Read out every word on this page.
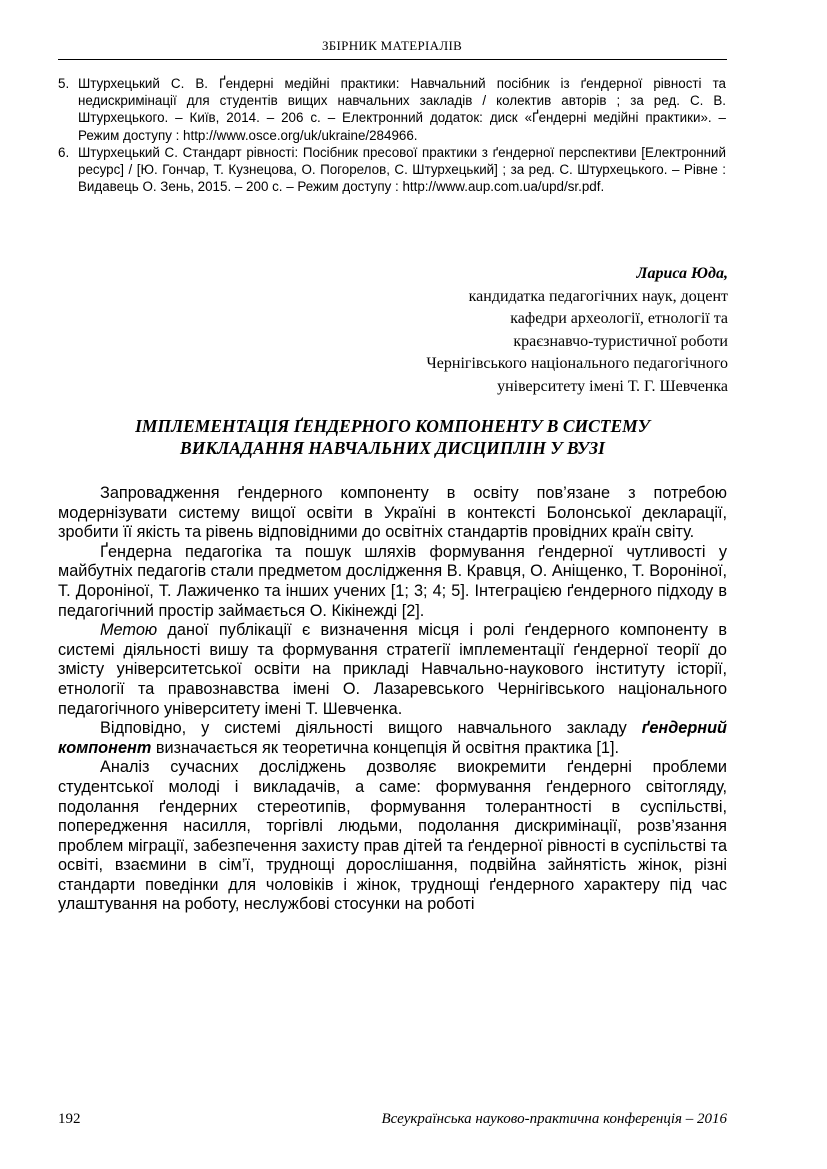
ЗБІРНИК МАТЕРІАЛІВ
5. Штурхецький С. В. Ґендерні медійні практики: Навчальний посібник із ґендерної рівності та недискримінації для студентів вищих навчальних закладів / колектив авторів ; за ред. С. В. Штурхецького. – Київ, 2014. – 206 с. – Електронний додаток: диск «Ґендерні медійні практики». – Режим доступу : http://www.osce.org/uk/ukraine/284966.
6. Штурхецький С. Стандарт рівності: Посібник пресової практики з ґендерної перспективи [Електронний ресурс] / [Ю. Гончар, Т. Кузнецова, О. Погорелов, С. Штурхецький] ; за ред. С. Штурхецького. – Рівне : Видавець О. Зень, 2015. – 200 с. – Режим доступу : http://www.aup.com.ua/upd/sr.pdf.
Лариса Юда,
кандидатка педагогічних наук, доцент
кафедри археології, етнології та
краєзнавчо-туристичної роботи
Чернігівського національного педагогічного
університету імені Т. Г. Шевченка
ІМПЛЕМЕНТАЦІЯ ҐЕНДЕРНОГО КОМПОНЕНТУ В СИСТЕМУ
ВИКЛАДАННЯ НАВЧАЛЬНИХ ДИСЦИПЛІН У ВУЗІ

Запровадження ґендерного компоненту в освіту пов’язане з потребою модернізувати систему вищої освіти в Україні в контексті Болонської декларації, зробити її якість та рівень відповідними до освітніх стандартів провідних країн світу.

Ґендерна педагогіка та пошук шляхів формування ґендерної чутливості у майбутніх педагогів стали предметом дослідження В. Кравця, О. Аніщенко, Т. Вороніної, Т. Дороніної, Т. Лажиченко та інших учених [1; 3; 4; 5]. Інтеграцією ґендерного підходу в педагогічний простір займається О. Кікінежді [2].

Метою даної публікації є визначення місця і ролі ґендерного компоненту в системі діяльності вишу та формування стратегії імплементації ґендерної теорії до змісту університетської освіти на прикладі Навчально-наукового інституту історії, етнології та правознавства імені О. Лазаревського Чернігівського національного педагогічного університету імені Т. Шевченка.

Відповідно, у системі діяльності вищого навчального закладу ґендерний компонент визначається як теоретична концепція й освітня практика [1].

Аналіз сучасних досліджень дозволяє виокремити ґендерні проблеми студентської молоді і викладачів, а саме: формування ґендерного світогляду, подолання ґендерних стереотипів, формування толерантності в суспільстві, попередження насилля, торгівлі людьми, подолання дискримінації, розв’язання проблем міграції, забезпечення захисту прав дітей та ґендерної рівності в суспільстві та освіті, взаємини в сім’ї, труднощі дорослішання, подвійна зайнятість жінок, різні стандарти поведінки для чоловіків і жінок, труднощі ґендерного характеру під час улаштування на роботу, неслужбові стосунки на роботі

192	Всеукраїнська науково-практична конференція – 2016
